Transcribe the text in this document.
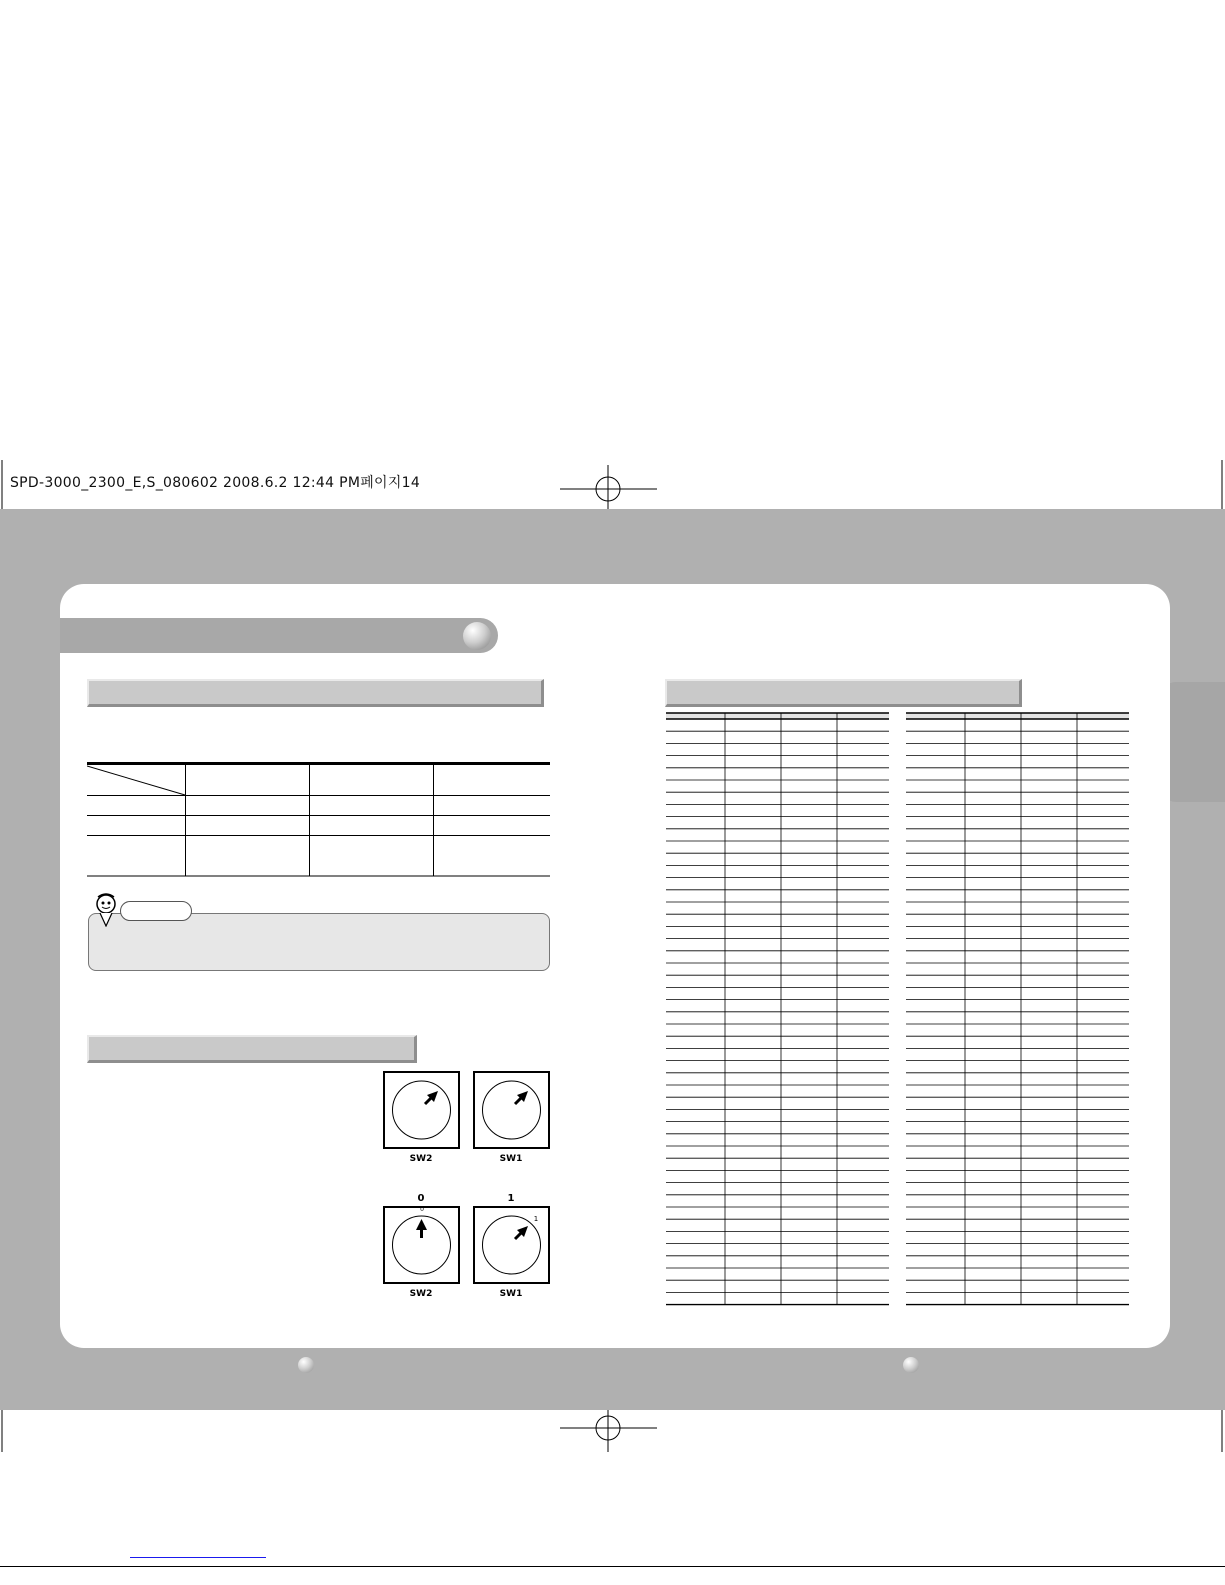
SPD-3000_2300_E,S_080602 2008.6.2 12:44 PM페이지14
SW2	SW1
0	1
0
1
SW2	SW1
